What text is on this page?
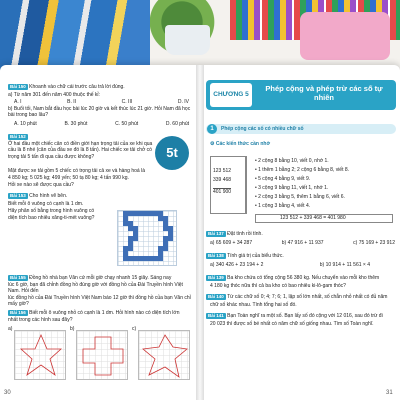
Bài 150 Khoanh vào chữ cái trước câu trả lời đúng.
a) Từ năm 301 đến năm 400 thuộc thế kỉ:
A. I	B. II	C. III	D. IV
b) Buổi tối, Nam bắt đầu học bài lúc 20 giờ và kết thúc lúc 21 giờ. Hỏi Nam đã học bài trong bao lâu?
A. 10 phút	B. 30 phút	C. 50 phút	D. 60 phút
Bài 152
Ở hai đầu một chiếc cân có điền giới hạn trọng tải của xe khi qua cầu là 8 nhé (cân của đầu xe đó là 8 tấn). Hai chiếc xe tải chở có trọng tải 5 tấn đi qua cầu được không?
Mặt được xe tải gồm 5 chiếc có trọng tải cả xe và hàng hoá là
4 850 kg; 5 025 kg; 499 yến; 50 tạ 80 kg; 4 tấn 990 kg.
Hỏi xe nào sẽ được qua cầu?
5t
Bài 153 Cho hình vẽ bên.
Biết mỗi ô vuông có cạnh là 1 dm.
Hãy phân số bằng trong hình vuông có
diện tích bao nhiêu xăng-ti-mét vuông?
Bài 155 Đồng hồ nhà bạn Văn cứ mỗi giờ chạy nhanh 15 giây. Sáng nay
lúc 6 giờ, bạn đã chỉnh đồng hồ đúng giờ với đồng hồ của Đài Truyền hình Việt Nam. Hỏi đến
lúc đồng hồ của Đài Truyền hình Việt Nam báo 12 giờ thì đồng hồ của bạn Văn chỉ mấy giờ?
Bài 156 Biết mỗi ô vuông nhỏ có cạnh là 1 dm. Hỏi hình nào có diện tích lớn
nhất trong các hình sau đây?
a)	b)	c)
30
CHƯƠNG 5
Phép cộng và phép trừ các số tự nhiên
1	Phép cộng các số có nhiều chữ số
⚙ Các kiến thức cần nhớ
123 512
339 468
401 900
• 2 cộng 8 bằng 10, viết 0, nhớ 1.
• 1 thêm 1 bằng 2; 2 cộng 6 bằng 8, viết 8.
• 5 cộng 4 bằng 9, viết 9.
• 3 cộng 9 bằng 11, viết 1, nhớ 1.
• 2 cộng 3 bằng 5, thêm 1 bằng 6, viết 6.
• 1 cộng 3 bằng 4, viết 4.
123 512 + 339 468 = 401 980
Bài 137 Đặt tính rồi tính.
a) 65 609 + 34 287	b) 47 916 + 11 937	c) 75 169 + 23 912
Bài 138 Tính giá trị của biểu thức.
a) 340 426 + 23 194 + 2	b) 10 914 + 11 561 × 4
Bài 139 Ba kho chứa có tổng cộng 56 380 kg. Nếu chuyển vào mỗi kho thêm
4 180 kg thóc nữa thì cả ba kho có bao nhiêu ki-lô-gam thóc?
Bài 140 Từ các chữ số 0; 4; 7; 6; 1, lập số lớn nhất, số chẵn nhỏ nhất có đủ năm
chữ số khác nhau. Tính tổng hai số đó.
Bài 141 Bạn Toàn nghĩ ra một số. Bạn lấy số đó cộng với 12 016, sau đó trừ đi
20 023 thì được số bé nhất có năm chữ số giống nhau. Tìm số Toàn nghĩ.
31
